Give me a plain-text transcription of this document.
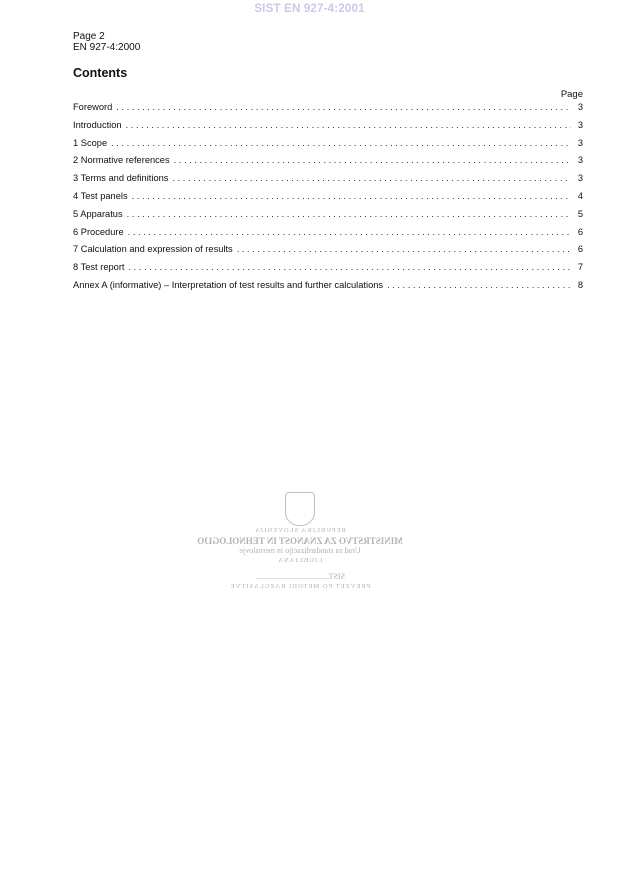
SIST EN 927-4:2001
Page 2
EN 927-4:2000
Contents
Page
Foreword . . .	3
Introduction . . .	3
1 Scope . . .	3
2 Normative references . . .	3
3 Terms and definitions . . .	3
4 Test panels . . .	4
5 Apparatus . . .	5
6 Procedure . . .	6
7 Calculation and expression of results . . .	6
8 Test report . . .	7
Annex A (informative) – Interpretation of test results and further calculations . . .	8
REPUBLIKA SLOVENIJA
MINISTRSTVO ZA ZNANOST IN TEHNOLOGIJO
Urad za standardizacijo in meroslovje
LJUBLJANA
SIST.....................................
PREVZET PO METODI RAZGLASITVE
